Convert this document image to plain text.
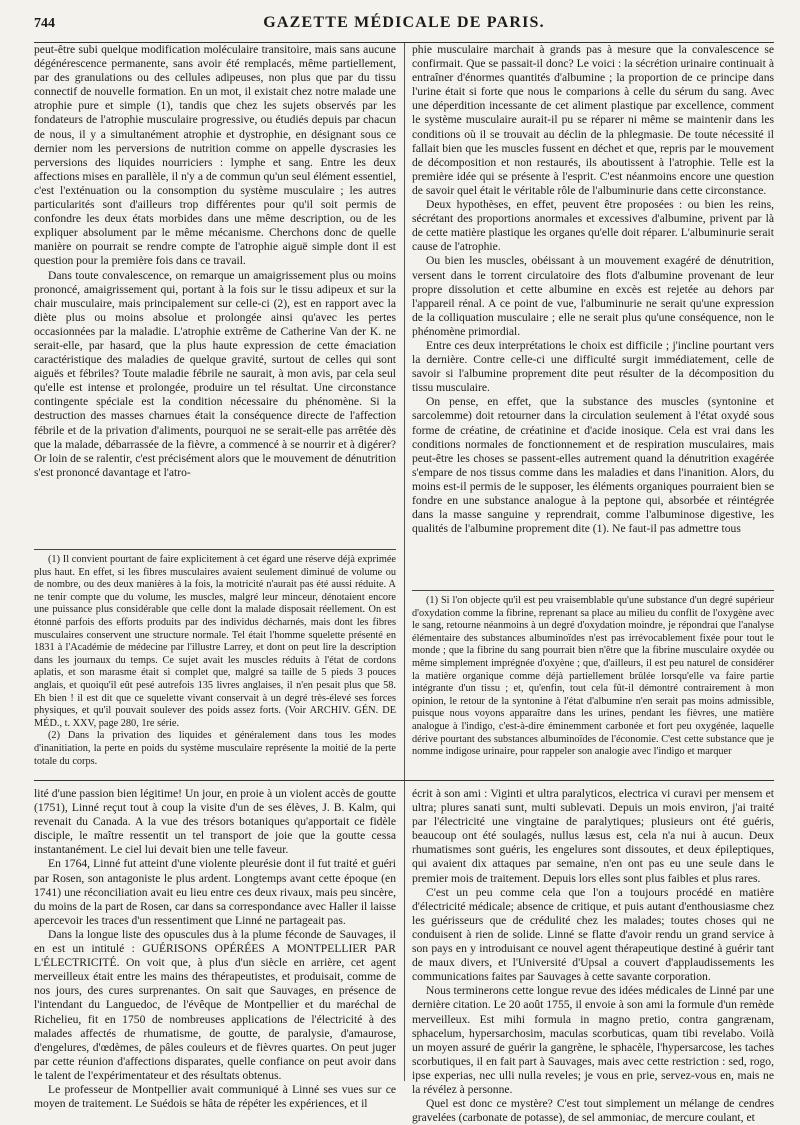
744	GAZETTE MÉDICALE DE PARIS.

peut-être subi quelque modification moléculaire transitoire, mais sans aucune dégénérescence permanente, sans avoir été remplacés, même partiellement, par des granulations ou des cellules adipeuses, non plus que par du tissu connectif de nouvelle formation. En un mot, il existait chez notre malade une atrophie pure et simple (1), tandis que chez les sujets observés par les fondateurs de l'atrophie musculaire progressive, ou étudiés depuis par chacun de nous, il y a simultanément atrophie et dystrophie, en désignant sous ce dernier nom les perversions de nutrition comme on appelle dyscrasies les perversions des liquides nourriciers : lymphe et sang. Entre les deux affections mises en parallèle, il n'y a de commun qu'un seul élément essentiel, c'est l'exténuation ou la consomption du système musculaire ; les autres particularités sont d'ailleurs trop différentes pour qu'il soit permis de confondre les deux états morbides dans une même description, ou de les expliquer absolument par le même mécanisme. Cherchons donc de quelle manière on pourrait se rendre compte de l'atrophie aiguë simple dont il est question pour la première fois dans ce travail.

Dans toute convalescence, on remarque un amaigrissement plus ou moins prononcé, amaigrissement qui, portant à la fois sur le tissu adipeux et sur la chair musculaire, mais principalement sur celle-ci (2), est en rapport avec la diète plus ou moins absolue et prolongée ainsi qu'avec les pertes occasionnées par la maladie. L'atrophie extrême de Catherine Van der K. ne serait-elle, par hasard, que la plus haute expression de cette émaciation caractéristique des maladies de quelque gravité, surtout de celles qui sont aiguës et fébriles? Toute maladie fébrile ne saurait, à mon avis, par cela seul qu'elle est intense et prolongée, produire un tel résultat. Une circonstance contingente spéciale est la condition nécessaire du phénomène. Si la destruction des masses charnues était la conséquence directe de l'affection fébrile et de la privation d'aliments, pourquoi ne se serait-elle pas arrêtée dès que la malade, débarrassée de la fièvre, a commencé à se nourrir et à digérer? Or loin de se ralentir, c'est précisément alors que le mouvement de dénutrition s'est prononcé davantage et l'atro-

(1) Il convient pourtant de faire explicitement à cet égard une réserve déjà exprimée plus haut. En effet, si les fibres musculaires avaient seulement diminué de volume ou de nombre, ou des deux manières à la fois, la motricité n'aurait pas été aussi réduite. A ne tenir compte que du volume, les muscles, malgré leur minceur, dénotaient encore une puissance plus considérable que celle dont la malade disposait réellement. On est étonné parfois des efforts produits par des individus décharnés, mais dont les fibres musculaires conservent une structure normale. Tel était l'homme squelette présenté en 1831 à l'Académie de médecine par l'illustre Larrey, et dont on peut lire la description dans les journaux du temps. Ce sujet avait les muscles réduits à l'état de cordons aplatis, et son marasme était si complet que, malgré sa taille de 5 pieds 3 pouces anglais, et quoiqu'il eût pesé autrefois 135 livres anglaises, il n'en pesait plus que 58. Eh bien ! il est dit que ce squelette vivant conservait à un degré très-élevé ses forces physiques, et qu'il pouvait soulever des poids assez forts. (Voir ARCHIV. GÉN. DE MÉD., t. XXV, page 280, 1re série.

(2) Dans la privation des liquides et généralement dans tous les modes d'inanitiation, la perte en poids du système musculaire représente la moitié de la perte totale du corps.

phie musculaire marchait à grands pas à mesure que la convalescence se confirmait. Que se passait-il donc? Le voici : la sécrétion urinaire continuait à entraîner d'énormes quantités d'albumine ; la proportion de ce principe dans l'urine était si forte que nous le comparions à celle du sérum du sang. Avec une déperdition incessante de cet aliment plastique par excellence, comment le système musculaire aurait-il pu se réparer ni même se maintenir dans les conditions où il se trouvait au déclin de la phlegmasie. De toute nécessité il fallait bien que les muscles fussent en déchet et que, repris par le mouvement de décomposition et non restaurés, ils aboutissent à l'atrophie. Telle est la première idée qui se présente à l'esprit. C'est néanmoins encore une question de savoir quel était le véritable rôle de l'albuminurie dans cette circonstance.

Deux hypothèses, en effet, peuvent être proposées : ou bien les reins, sécrétant des proportions anormales et excessives d'albumine, privent par là de cette matière plastique les organes qu'elle doit réparer. L'albuminurie serait cause de l'atrophie.

Ou bien les muscles, obéissant à un mouvement exagéré de dénutrition, versent dans le torrent circulatoire des flots d'albumine provenant de leur propre dissolution et cette albumine en excès est rejetée au dehors par l'appareil rénal. A ce point de vue, l'albuminurie ne serait qu'une expression de la colliquation musculaire ; elle ne serait plus qu'une conséquence, non le phénomène primordial.

Entre ces deux interprétations le choix est difficile ; j'incline pourtant vers la dernière. Contre celle-ci une difficulté surgit immédiatement, celle de savoir si l'albumine proprement dite peut résulter de la décomposition du tissu musculaire.

On pense, en effet, que la substance des muscles (syntonine et sarcolemme) doit retourner dans la circulation seulement à l'état oxydé sous forme de créatine, de créatinine et d'acide inosique. Cela est vrai dans les conditions normales de fonctionnement et de respiration musculaires, mais peut-être les choses se passent-elles autrement quand la dénutrition exagérée s'empare de nos tissus comme dans les maladies et dans l'inanition. Alors, du moins est-il permis de le supposer, les éléments organiques pourraient bien se fondre en une substance analogue à la peptone qui, absorbée et réintégrée dans la masse sanguine y reprendrait, comme l'albuminose digestive, les qualités de l'albumine proprement dite (1). Ne faut-il pas admettre tous

(1) Si l'on objecte qu'il est peu vraisemblable qu'une substance d'un degré supérieur d'oxydation comme la fibrine, reprenant sa place au milieu du conflit de l'oxygène avec le sang, retourne néanmoins à un degré d'oxydation moindre, je répondrai que l'analyse élémentaire des substances albuminoïdes n'est pas irrévocablement fixée pour tout le monde ; que la fibrine du sang pourrait bien n'être que la fibrine musculaire oxydée ou même simplement imprégnée d'oxyène ; que, d'ailleurs, il est peu naturel de considérer la matière organique comme déjà partiellement brûlée lorsqu'elle va faire partie intégrante d'un tissu ; et, qu'enfin, tout cela fût-il démontré contrairement à mon opinion, le retour de la syntonine à l'état d'albumine n'en serait pas moins admissible, puisque nous voyons apparaître dans les urines, pendant les fièvres, une matière analogue à l'indigo, c'est-à-dire éminemment carbonée et fort peu oxygénée, laquelle dérive pourtant des substances albuminoïdes de l'économie. C'est cette substance que je nomme indigose urinaire, pour rappeler son analogie avec l'indigo et marquer

lité d'une passion bien légitime! Un jour, en proie à un violent accès de goutte (1751), Linné reçut tout à coup la visite d'un de ses élèves, J. B. Kalm, qui revenait du Canada. A la vue des trésors botaniques qu'apportait ce fidèle disciple, le maître ressentit un tel transport de joie que la goutte cessa instantanément. Le ciel lui devait bien une telle faveur.

En 1764, Linné fut atteint d'une violente pleurésie dont il fut traité et guéri par Rosen, son antagoniste le plus ardent. Longtemps avant cette époque (en 1741) une réconciliation avait eu lieu entre ces deux rivaux, mais peu sincère, du moins de la part de Rosen, car dans sa correspondance avec Haller il laisse apercevoir les traces d'un ressentiment que Linné ne partageait pas.

Dans la longue liste des opuscules dus à la plume féconde de Sauvages, il en est un intitulé : GUÉRISONS OPÉRÉES A MONTPELLIER PAR L'ÉLECTRICITÉ. On voit que, à plus d'un siècle en arrière, cet agent merveilleux était entre les mains des thérapeutistes, et produisait, comme de nos jours, des cures surprenantes. On sait que Sauvages, en présence de l'intendant du Languedoc, de l'évêque de Montpellier et du maréchal de Richelieu, fit en 1750 de nombreuses applications de l'électricité à des malades affectés de rhumatisme, de goutte, de paralysie, d'amaurose, d'engelures, d'œdèmes, de pâles couleurs et de fièvres quartes. On peut juger par cette réunion d'affections disparates, quelle confiance on peut avoir dans le talent de l'expérimentateur et des résultats obtenus.

Le professeur de Montpellier avait communiqué à Linné ses vues sur ce moyen de traitement. Le Suédois se hâta de répéter les expériences, et il

écrit à son ami : Viginti et ultra paralyticos, electrica vi curavi per mensem et ultra; plures sanati sunt, multi sublevati. Depuis un mois environ, j'ai traité par l'électricité une vingtaine de paralytiques; plusieurs ont été guéris, beaucoup ont été soulagés, nullus læsus est, cela n'a nui à aucun. Deux rhumatismes sont guéris, les engelures sont dissoutes, et deux épileptiques, qui avaient dix attaques par semaine, n'en ont pas eu une seule dans le premier mois de traitement. Depuis lors elles sont plus faibles et plus rares.

C'est un peu comme cela que l'on a toujours procédé en matière d'électricité médicale; absence de critique, et puis autant d'enthousiasme chez les guérisseurs que de crédulité chez les malades; toutes choses qui ne conduisent à rien de solide. Linné se flatte d'avoir rendu un grand service à son pays en y introduisant ce nouvel agent thérapeutique destiné à guérir tant de maux divers, et l'Université d'Upsal a couvert d'applaudissements les communications faites par Sauvages à cette savante corporation.

Nous terminerons cette longue revue des idées médicales de Linné par une dernière citation. Le 20 août 1755, il envoie à son ami la formule d'un remède merveilleux. Est mihi formula in magno pretio, contra gangrænam, sphacelum, hypersarchosim, maculas scorbuticas, quam tibi revelabo. Voilà un moyen assuré de guérir la gangrène, le sphacèle, l'hypersarcose, les taches scorbutiques, il en fait part à Sauvages, mais avec cette restriction : sed, rogo, ipse experias, nec ulli nulla reveles; je vous en prie, servez-vous en, mais ne la révélez à personne.

Quel est donc ce mystère? C'est tout simplement un mélange de cendres gravelées (carbonate de potasse), de sel ammoniac, de mercure coulant, et
